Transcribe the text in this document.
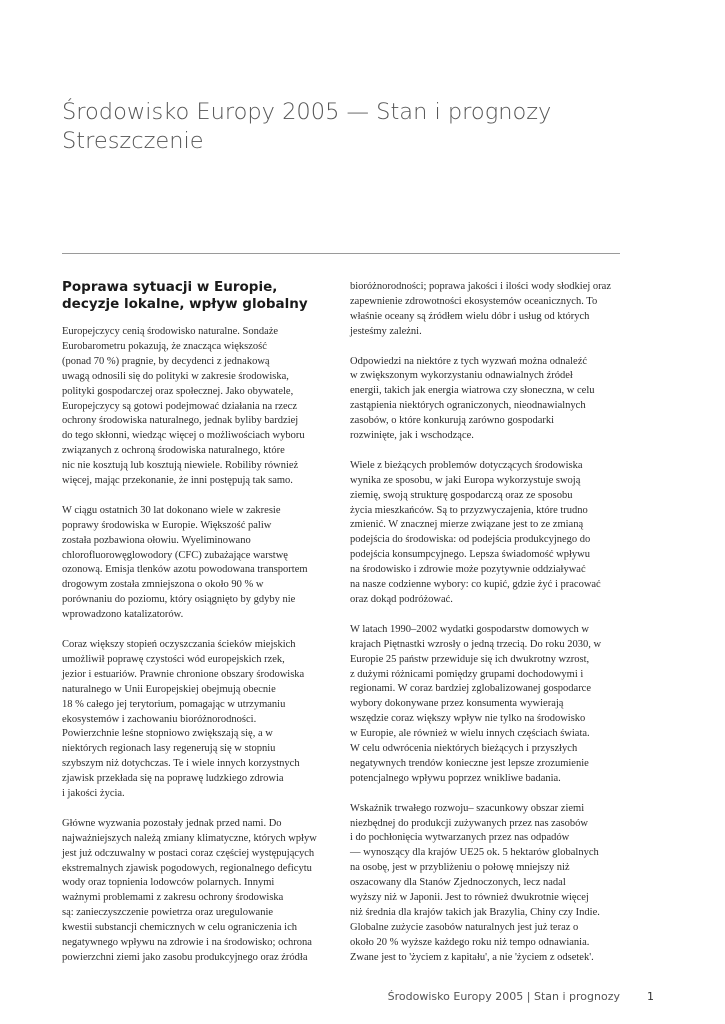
Środowisko Europy 2005 — Stan i prognozy
Streszczenie
Poprawa sytuacji w Europie,
decyzje lokalne, wpływ globalny
Europejczycy cenią środowisko naturalne. Sondaże
Eurobarometru pokazują, że znacząca większość
(ponad 70 %) pragnie, by decydenci z jednakową
uwagą odnosili się do polityki w zakresie środowiska,
polityki gospodarczej oraz społecznej. Jako obywatele,
Europejczycy są gotowi podejmować działania na rzecz
ochrony środowiska naturalnego, jednak byliby bardziej
do tego skłonni, wiedząc więcej o możliwościach wyboru
związanych z ochroną środowiska naturalnego, które
nic nie kosztują lub kosztują niewiele. Robiliby również
więcej, mając przekonanie, że inni postępują tak samo.
W ciągu ostatnich 30 lat dokonano wiele w zakresie
poprawy środowiska w Europie. Większość paliw
została pozbawiona ołowiu. Wyeliminowano
chlorofluorowęglowodory (CFC) zubażające warstwę
ozonową. Emisja tlenków azotu powodowana transportem
drogowym została zmniejszona o około 90 % w
porównaniu do poziomu, który osiągnięto by gdyby nie
wprowadzono katalizatorów.
Coraz większy stopień oczyszczania ścieków miejskich
umożliwił poprawę czystości wód europejskich rzek,
jezior i estuariów. Prawnie chronione obszary środowiska
naturalnego w Unii Europejskiej obejmują obecnie
18 % całego jej terytorium, pomagając w utrzymaniu
ekosystemów i zachowaniu bioróżnorodności.
Powierzchnie leśne stopniowo zwiększają się, a w
niektórych regionach lasy regenerują się w stopniu
szybszym niż dotychczas. Te i wiele innych korzystnych
zjawisk przekłada się na poprawę ludzkiego zdrowia
i jakości życia.
Główne wyzwania pozostały jednak przed nami. Do
najważniejszych należą zmiany klimatyczne, których wpływ
jest już odczuwalny w postaci coraz częściej występujących
ekstremalnych zjawisk pogodowych, regionalnego deficytu
wody oraz topnienia lodowców polarnych. Innymi
ważnymi problemami z zakresu ochrony środowiska
są: zanieczyszczenie powietrza oraz uregulowanie
kwestii substancji chemicznych w celu ograniczenia ich
negatywnego wpływu na zdrowie i na środowisko; ochrona
powierzchni ziemi jako zasobu produkcyjnego oraz źródła
bioróżnorodności; poprawa jakości i ilości wody słodkiej oraz
zapewnienie zdrowotności ekosystemów oceanicznych. To
właśnie oceany są źródłem wielu dóbr i usług od których
jesteśmy zależni.
Odpowiedzi na niektóre z tych wyzwań można odnaleźć
w zwiększonym wykorzystaniu odnawialnych źródeł
energii, takich jak energia wiatrowa czy słoneczna, w celu
zastąpienia niektórych ograniczonych, nieodnawialnych
zasobów, o które konkurują zarówno gospodarki
rozwinięte, jak i wschodzące.
Wiele z bieżących problemów dotyczących środowiska
wynika ze sposobu, w jaki Europa wykorzystuje swoją
ziemię, swoją strukturę gospodarczą oraz ze sposobu
życia mieszkańców. Są to przyzwyczajenia, które trudno
zmienić. W znacznej mierze związane jest to ze zmianą
podejścia do środowiska: od podejścia produkcyjnego do
podejścia konsumpcyjnego. Lepsza świadomość wpływu
na środowisko i zdrowie może pozytywnie oddziaływać
na nasze codzienne wybory: co kupić, gdzie żyć i pracować
oraz dokąd podróżować.
W latach 1990–2002 wydatki gospodarstw domowych w
krajach Piętnastki wzrosły o jedną trzecią. Do roku 2030, w
Europie 25 państw przewiduje się ich dwukrotny wzrost,
z dużymi różnicami pomiędzy grupami dochodowymi i
regionami. W coraz bardziej zglobalizowanej gospodarce
wybory dokonywane przez konsumenta wywierają
wszędzie coraz większy wpływ nie tylko na środowisko
w Europie, ale również w wielu innych częściach świata.
W celu odwrócenia niektórych bieżących i przyszłych
negatywnych trendów konieczne jest lepsze zrozumienie
potencjalnego wpływu poprzez wnikliwe badania.
Wskaźnik trwałego rozwoju– szacunkowy obszar ziemi
niezbędnej do produkcji zużywanych przez nas zasobów
i do pochłonięcia wytwarzanych przez nas odpadów
— wynoszący dla krajów UE25 ok. 5 hektarów globalnych
na osobę, jest w przybliżeniu o połowę mniejszy niż
oszacowany dla Stanów Zjednoczonych, lecz nadal
wyższy niż w Japonii. Jest to również dwukrotnie więcej
niż średnia dla krajów takich jak Brazylia, Chiny czy Indie.
Globalne zużycie zasobów naturalnych jest już teraz o
około 20 % wyższe każdego roku niż tempo odnawiania.
Zwane jest to 'życiem z kapitału', a nie 'życiem z odsetek'.
Środowisko Europy 2005 | Stan i prognozy 1
